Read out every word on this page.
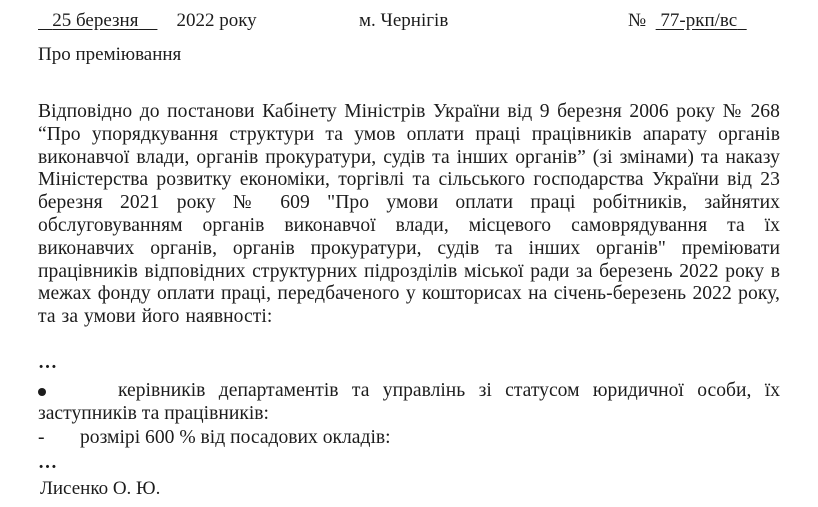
25 березня 2022 року	м. Чернігів	№ 77-ркп/вс
Про преміювання
Відповідно до постанови Кабінету Міністрів України від 9 березня 2006 року № 268 “Про упорядкування структури та умов оплати праці працівників апарату органів виконавчої влади, органів прокуратури, судів та інших органів” (зі змінами) та наказу Міністерства розвитку економіки, торгівлі та сільського господарства України від 23 березня 2021 року № 609 "Про умови оплати праці робітників, зайнятих обслуговуванням органів виконавчої влади, місцевого самоврядування та їх виконавчих органів, органів прокуратури, судів та інших органів" преміювати працівників відповідних структурних підрозділів міської ради за березень 2022 року в межах фонду оплати праці, передбаченого у кошторисах на січень-березень 2022 року, та за умови його наявності:
…
керівників департаментів та управлінь зі статусом юридичної особи, їх заступників та працівників:
- розмірі 600 % від посадових окладів:
…
Лисенко О. Ю.
